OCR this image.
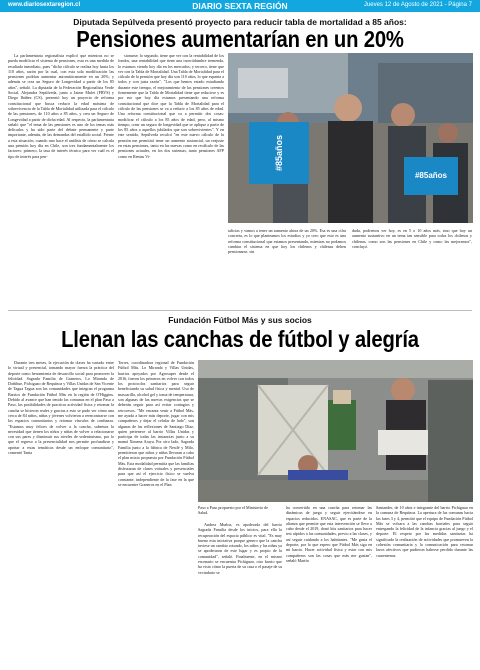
www.diariosextaregion.cl	DIARIO SEXTA REGIÓN	Jueves 12 de Agosto de 2021 - Página 7
Diputada Sepúlveda presentó proyecto para reducir tabla de mortalidad a 85 años:
Pensiones aumentarían en un 20%

La parlamentaria regionalista explicó que mientras no se pueda modificar el sistema de pensiones, esta es una medida de resultado inmediato, pues "dicho cálculo se realiza hoy hasta los 110 años, razón por la cual, con esta sola modificación las pensiones podrían aumentar automáticamente en un 20%, y además se crea un Seguro de Longevidad a partir de los 85 años", señaló. La diputada de la Federación Regionalista Verde Social, Alejandra Sepúlveda, junto a Jaime Mulet (FRVS) y Diego Ibáñez (CS), presentó hoy un proyecto de reforma constitucional que busca reducir la edad máxima de sobrevivencia de la Tabla de Mortalidad utilizada para el cálculo de las pensiones, de 110 años a 85 años, y crea un Seguro de Longevidad a partir de dicha edad. Al respecto, la parlamentaria señaló que "el tema de las pensiones es uno de los temas más delicados y ha sido parte del debate permanente y parte importante, además, de las demandas del estallido social. Frente a esta situación, cuando uno hace el análisis de cómo se calcula una pensión hoy día en Chile, son tres fundamentalmente los factores: primero, la tasa de interés técnico para ver cuál es el tipo de interés para pen-

sionarse; lo segundo, tiene que ver con la rentabilidad de los fondos, una rentabilidad que tiene una incertidumbre tremenda, lo estamos viendo hoy día en los mercados; y tercero, tiene que ver con la Tabla de Mortalidad. Una Tabla de Mortalidad para el cálculo de la pensión que hoy día son 110 años, lo que espanta a todos y con justa razón". "Los que hemos estado estudiando durante este tiempo, el mejoramiento de las pensiones creemos firmemente que la Tabla de Mortalidad tiene que reducirse y es por eso que hoy día estamos presentando una reforma constitucional que dice que la Tabla de Mortalidad para el cálculo de las pensiones se va a reducir a los 85 años de edad. Una reforma constitucional que va a permitir dos cosas: modificar el cálculo a los 85 años de edad, pero, al mismo tiempo, crear un seguro de longevidad que se aplique a partir de los 85 años a aquellos jubilados que son sobrevivientes". Y en este sentido, Sepúlveda recalcó "en este nuevo cálculo de la pensión me permitirá tener un aumento sustancial, un reajuste en estas pensiones, tanto en las nuevas como en recálculo de las pensiones actuales, en los dos sistemas, tanto pensiones AFP como en Rentas Vi-	#85años
#85años

talicias y vamos a tener un aumento ahora de un 20%. Esa es una cifra concreta, es lo que planteamos los estudios y yo creo que esto es una reforma constitucional que estamos presentando, mientras no podamos cambiar el sistema en que hoy los chilenos y chilenas deben pensionarse, sin

duda, podremos ver hoy, es en 5 o 10 años más, sino que hoy un aumento sustantivo en un tema tan sensible para todos los chilenos y chilenas, como son las pensiones en Chile y como las mejoramos", concluyó.

Fundación Fútbol Más y sus socios
Llenan las canchas de fútbol y alegría

Durante tres meses, la ejecución de clases ha variado entre lo virtual y presencial, tomando mayor fuerza la práctica del deporte como herramienta de desarrollo social para promover la felicidad. Sagrada Familia de Graneros, Lo Miranda de Doñihue, Pichiguao de Requínoa y Villas Unidas de San Vicente de Tagua Tagua son las comunidades que integran el programa Barrios de Fundación Fútbol Más en la región de O'Higgins. Debido al avance que han tenido las comunas en el plan Paso a Paso, las posibilidades de practicar actividad física y retomar la cancha se hicieron reales y gracias a esto se pudo ver cómo una cerca de 84 niños, niñas y jóvenes volvieron a reencontrarse con los espacios comunitarios y retomar vínculos de confianza. "Estamos muy felices de volver a la cancha, sabemos la necesidad que tienen los niños y niñas de volver a relacionarse con sus pares y disminuir sus niveles de sedentarismo, por lo que el regreso a la presencialidad nos permite profundizar y aportar a estas temáticas desde un enfoque comunitario", comentó Tania

Torres, coordinadora regional de Fundación Fútbol Más. Lo Miranda y Villas Unidas, barrios apoyados por Agrosuper desde el 2016, fueron los primeros en volver con todos los protocolos sanitarios para seguir beneficiando su salud física y mental. Uso de mascarilla, alcohol gel y toma de temperatura, son algunas de las nuevas exigencias que se deberán seguir para así evitar contagios y retrocesos. "Me encanta venir a Fútbol Más, me ayuda a hacer más deporte, jugar con mis compañeros y dejar el celular de lado", son algunas de las reflexiones de Santiago Díaz, quien pertenece al barrio Villas Unidas y participa de todas las instancias junto a su mamá Ximena Araya. Por otro lado, Sagrada Familia junto a la fábrica de Nestlé y Milo, permitieron que niños y niñas llevaran a cabo el plan mixto propuesto por Fundación Fútbol Más. Esta modalidad permitía que las familias disfrutaran de clases virtuales y presenciales para que así el ejercicio físico se vuelva constante, independiente de la fase en la que se encuentre Graneros en el Plan

Paso a Paso propuesto por el Ministerio de Salud.

Andrea Muñoz, es apoderada del barrio Sagrada Familia desde los inicios, para ella la recuperación del espacio público es vital. "Es muy bueno esta iniciativa porque genero que la cancha tuviese un cambio rotundo, los niños y las niñas ya se apoderaron de este lugar y es propio de la comunidad", señaló. Finalmente, en el mismo escenario se encuentra Pichiguao, otro barrio que ha visto cómo la puerta de su casa o el pasaje de su vecindario se

ha convertido en una cancha para retomar las dinámicas de juego y seguir ejercitándose en espacios reducidos. ENASAC, que es parte de la alianza que permite que esta intervención se lleve a cabo desde el 2019, donó kits sanitarios para hacer test rápidos a las comunidades, previo a las clases, y así seguir cuidando a los habitantes. "Me gusta el deporte, por lo que espero que Fútbol Más siga en mi barrio. Hacer actividad física y estar con mis compañeros son las cosas que más me gustan", señaló Martín

Santander, de 10 años e integrante del barrio Pichiguao en la comuna de Requínoa. La apertura de las comunas hacia las fases 3 y 4, permitió que el equipo de Fundación Fútbol Más se volcara a las canchas barriales para seguir entregando la felicidad de la infancia gracias al juego y el deporte. El respeto por las medidas sanitarias ha significado la realización de actividades que promueven la cohesión comunitaria y la comunicación para retomar lazos afectivos que pudieron haberse perdido durante las cuarentenas.
